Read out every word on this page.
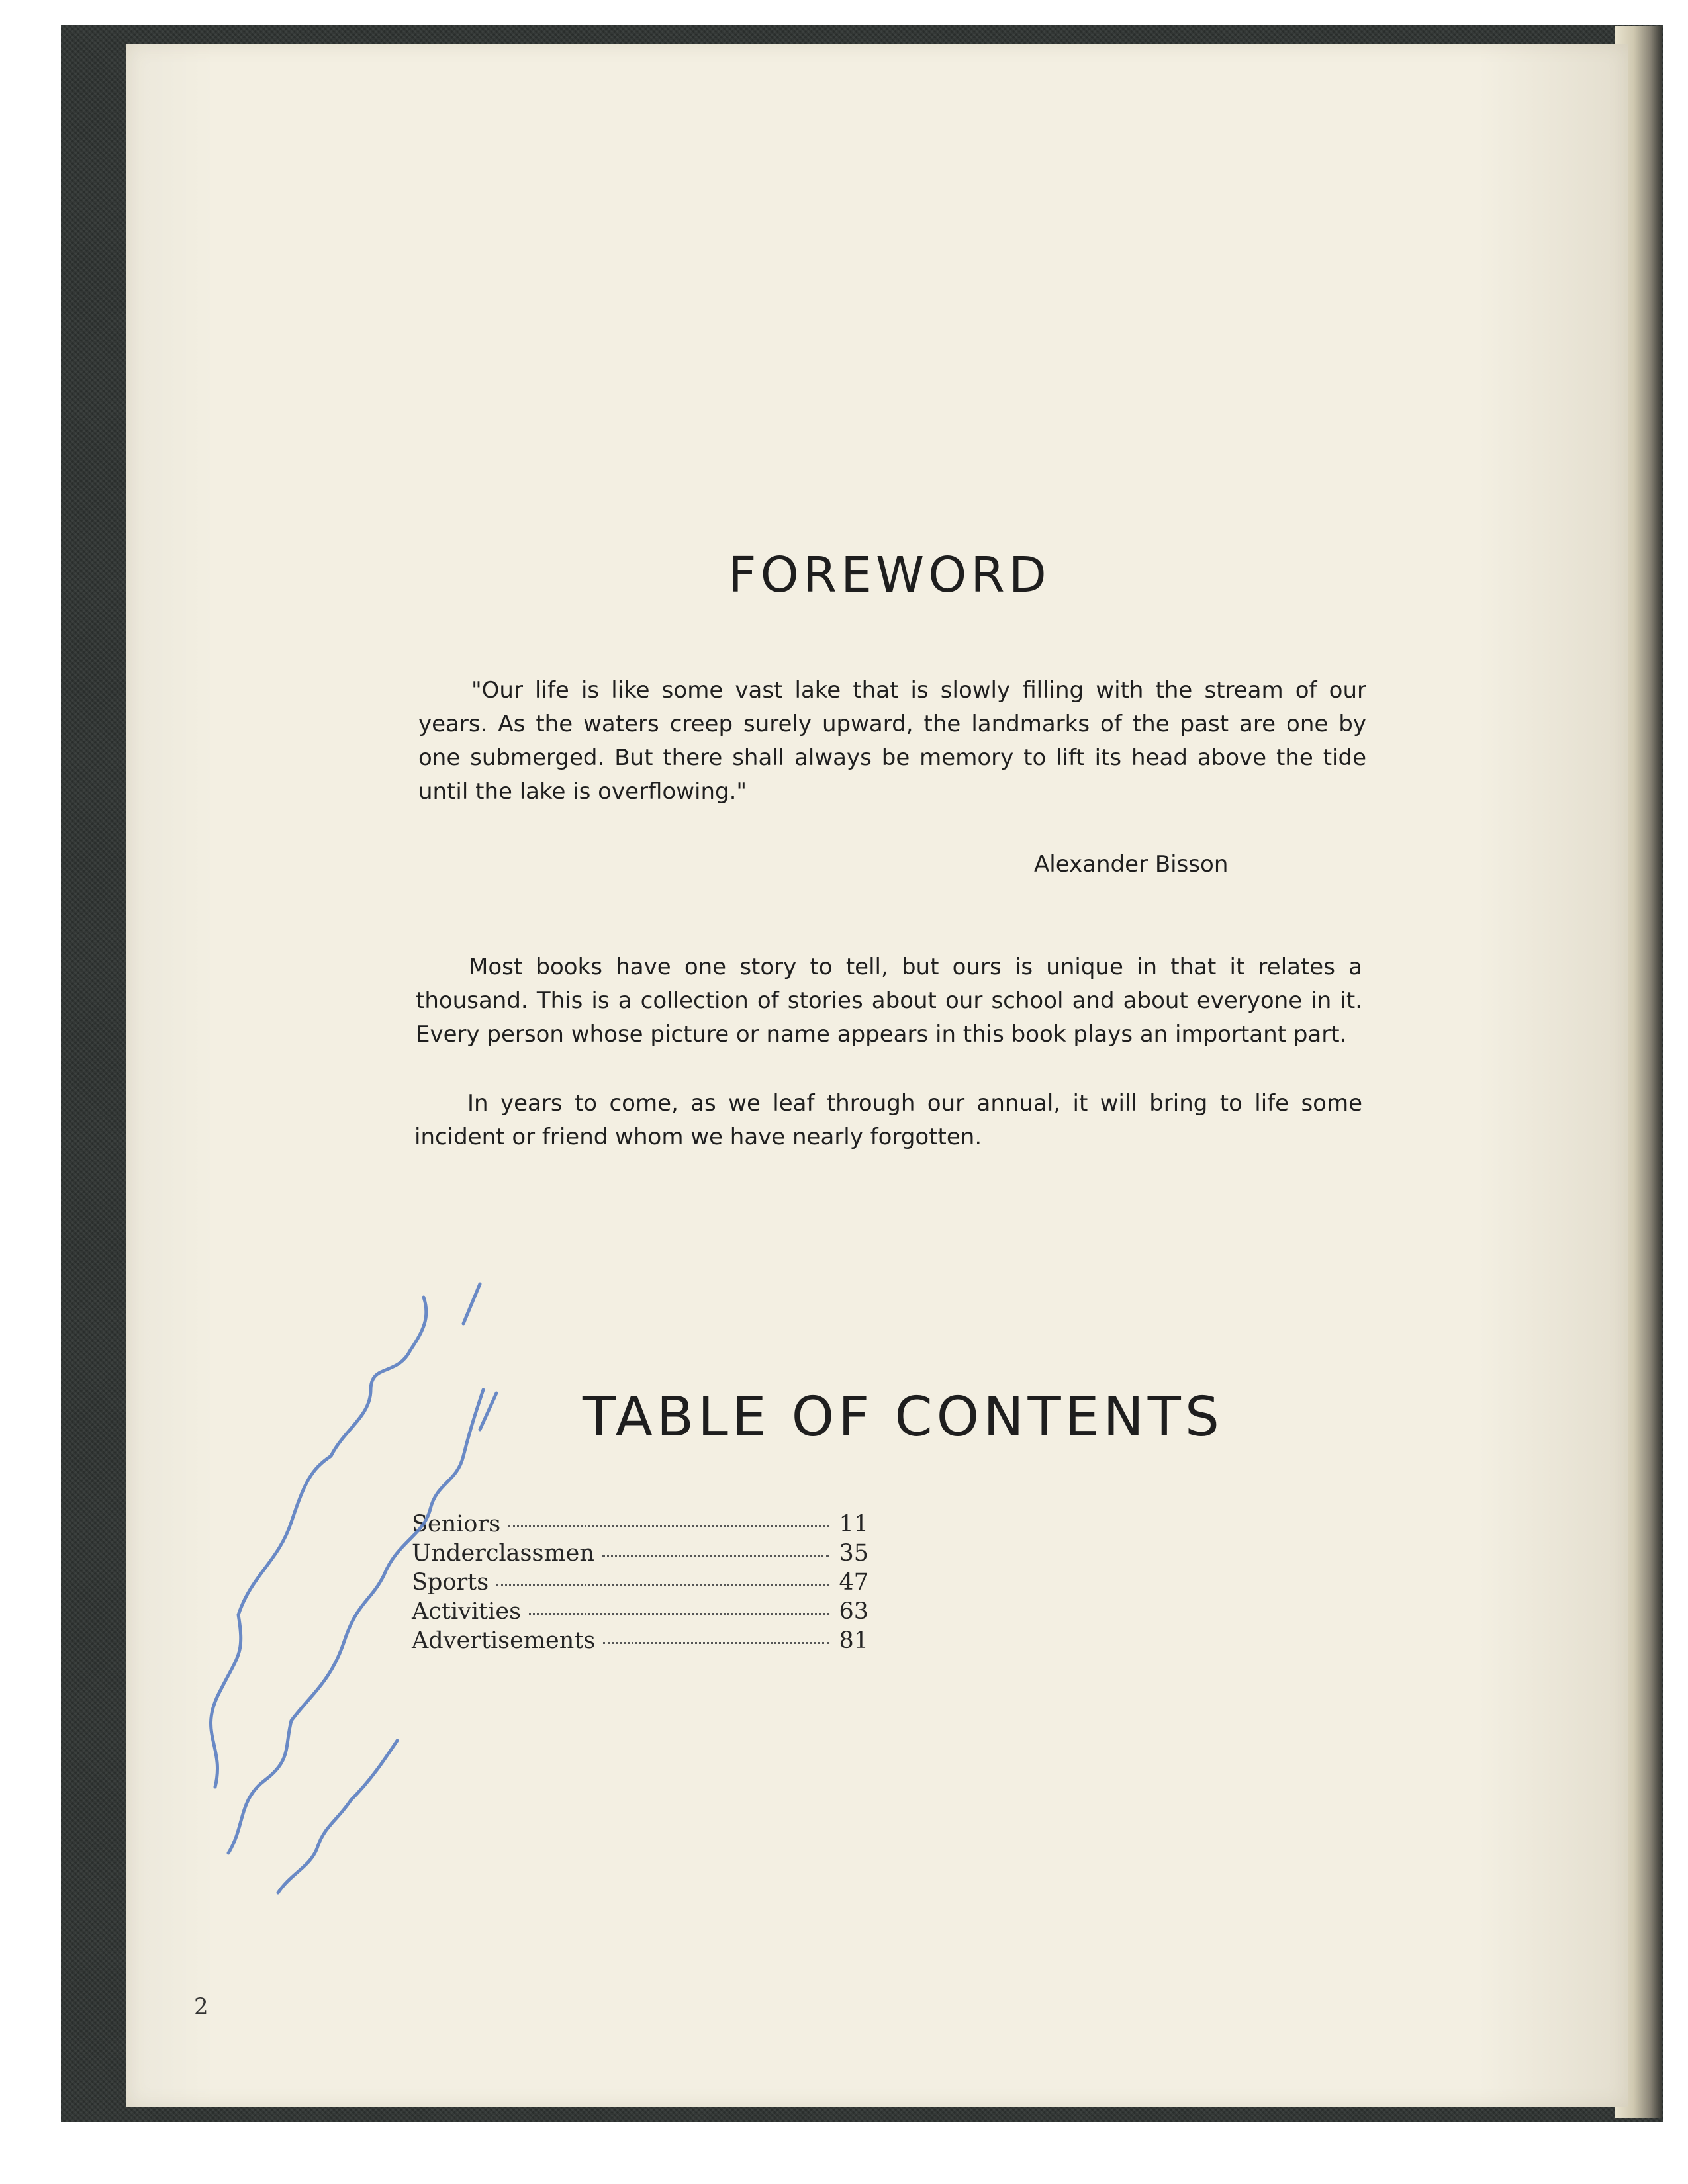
FOREWORD

"Our life is like some vast lake that is slowly filling with the stream of our years. As the waters creep surely upward, the landmarks of the past are one by one submerged. But there shall always be memory to lift its head above the tide until the lake is overflowing."

Alexander Bisson

Most books have one story to tell, but ours is unique in that it relates a thousand. This is a collection of stories about our school and about everyone in it. Every person whose picture or name appears in this book plays an important part.

In years to come, as we leaf through our annual, it will bring to life some incident or friend whom we have nearly forgotten.

TABLE OF CONTENTS
Seniors	11
Underclassmen	35
Sports	47
Activities	63
Advertisements	81
2
